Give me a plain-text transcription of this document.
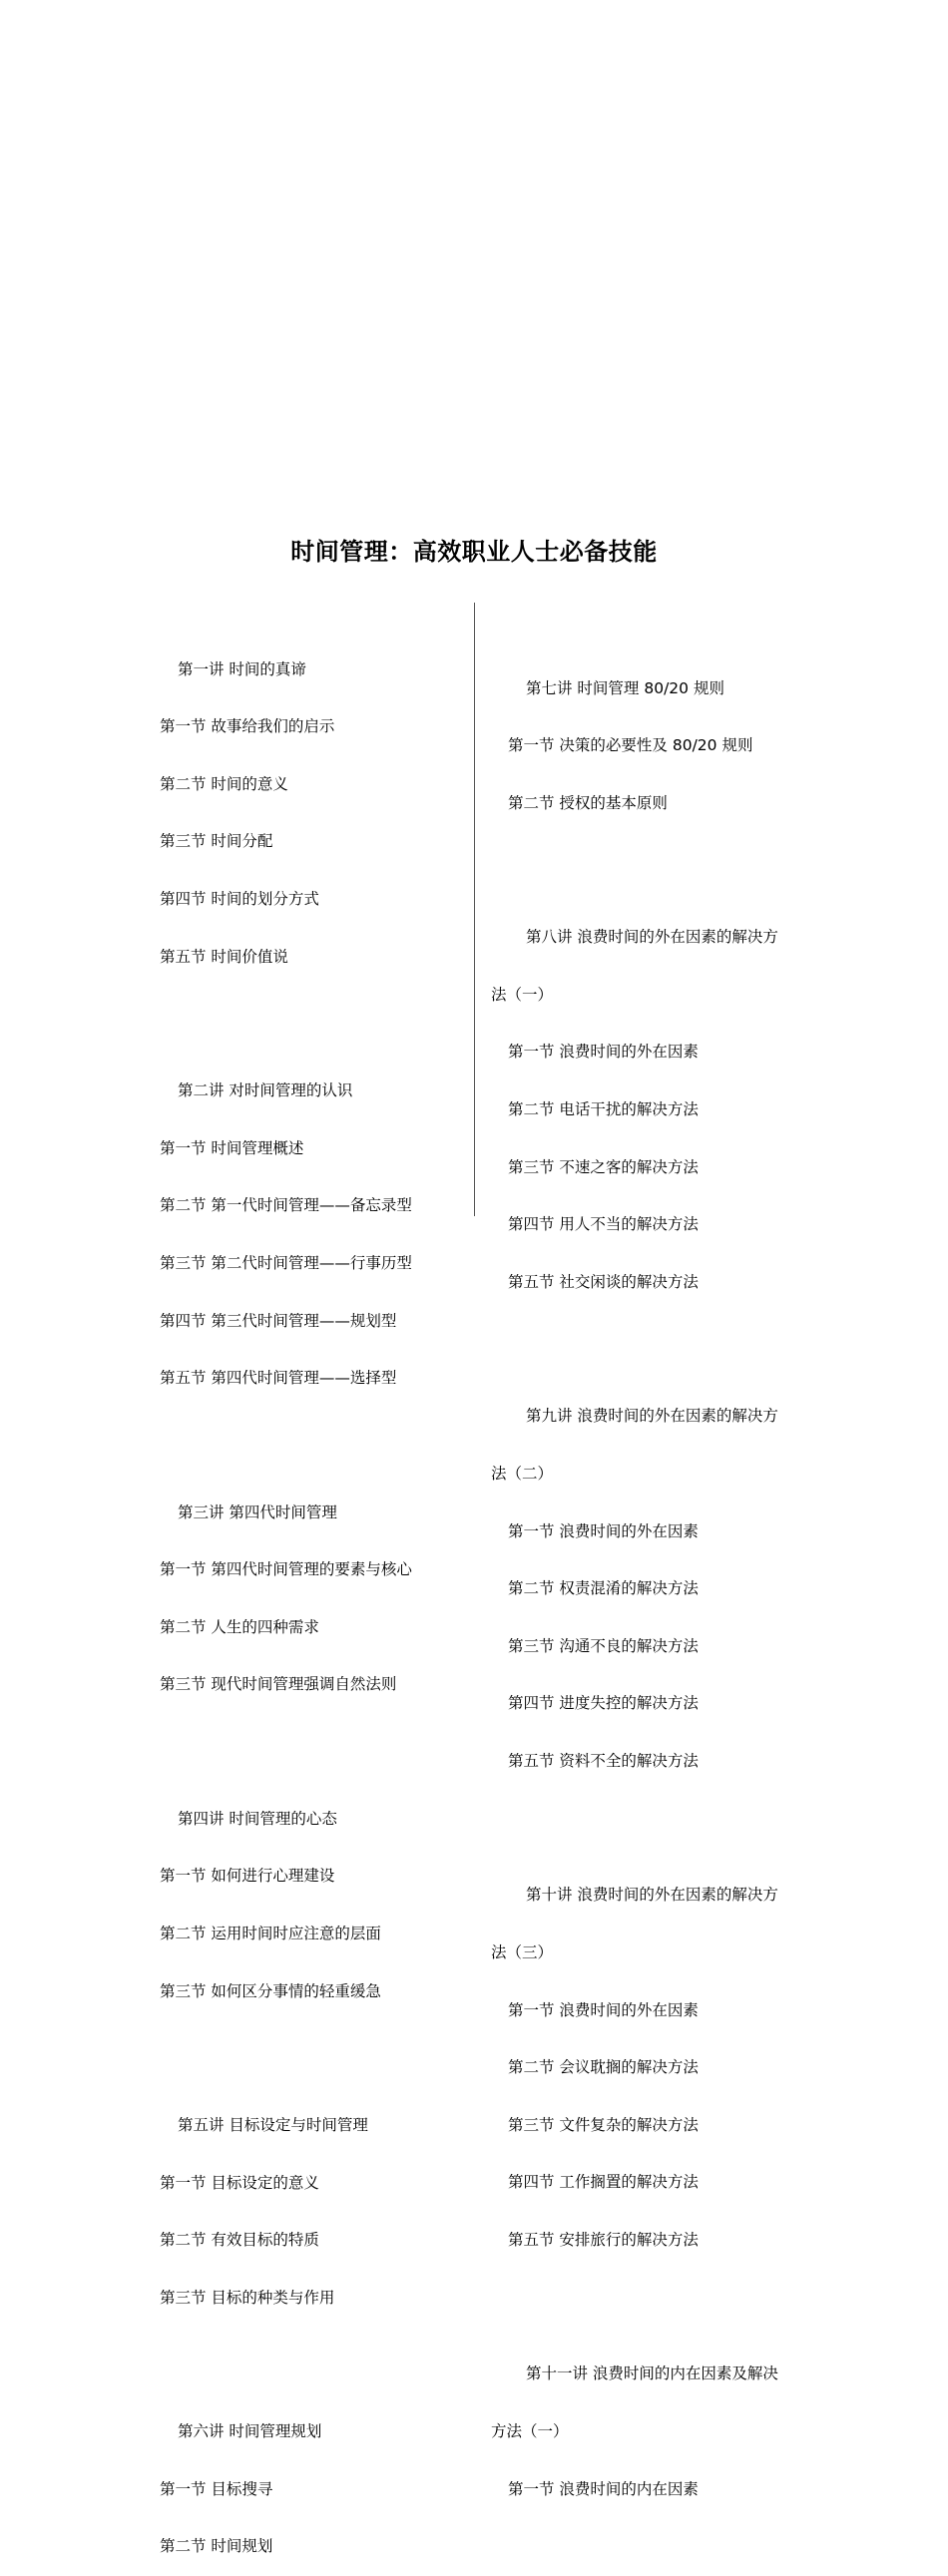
时间管理：高效职业人士必备技能

第一讲 时间的真谛

第一节 故事给我们的启示

第二节 时间的意义

第三节 时间分配

第四节 时间的划分方式

第五节 时间价值说

第二讲 对时间管理的认识

第一节 时间管理概述

第二节 第一代时间管理——备忘录型

第三节 第二代时间管理——行事历型

第四节 第三代时间管理——规划型

第五节 第四代时间管理——选择型

第三讲 第四代时间管理

第一节 第四代时间管理的要素与核心

第二节 人生的四种需求

第三节 现代时间管理强调自然法则

第四讲 时间管理的心态

第一节 如何进行心理建设

第二节 运用时间时应注意的层面

第三节 如何区分事情的轻重缓急

第五讲 目标设定与时间管理

第一节 目标设定的意义

第二节 有效目标的特质

第三节 目标的种类与作用

第六讲 时间管理规划

第一节 目标搜寻

第二节 时间规划

第七讲 时间管理 80/20 规则

第一节 决策的必要性及 80/20 规则

第二节 授权的基本原则

第八讲 浪费时间的外在因素的解决方

法（一）

第一节 浪费时间的外在因素

第二节 电话干扰的解决方法

第三节 不速之客的解决方法

第四节 用人不当的解决方法

第五节 社交闲谈的解决方法

第九讲 浪费时间的外在因素的解决方

法（二）

第一节 浪费时间的外在因素

第二节 权责混淆的解决方法

第三节 沟通不良的解决方法

第四节 进度失控的解决方法

第五节 资料不全的解决方法

第十讲 浪费时间的外在因素的解决方

法（三）

第一节 浪费时间的外在因素

第二节 会议耽搁的解决方法

第三节 文件复杂的解决方法

第四节 工作搁置的解决方法

第五节 安排旅行的解决方法

第十一讲 浪费时间的内在因素及解决

方法（一）

第一节 浪费时间的内在因素
